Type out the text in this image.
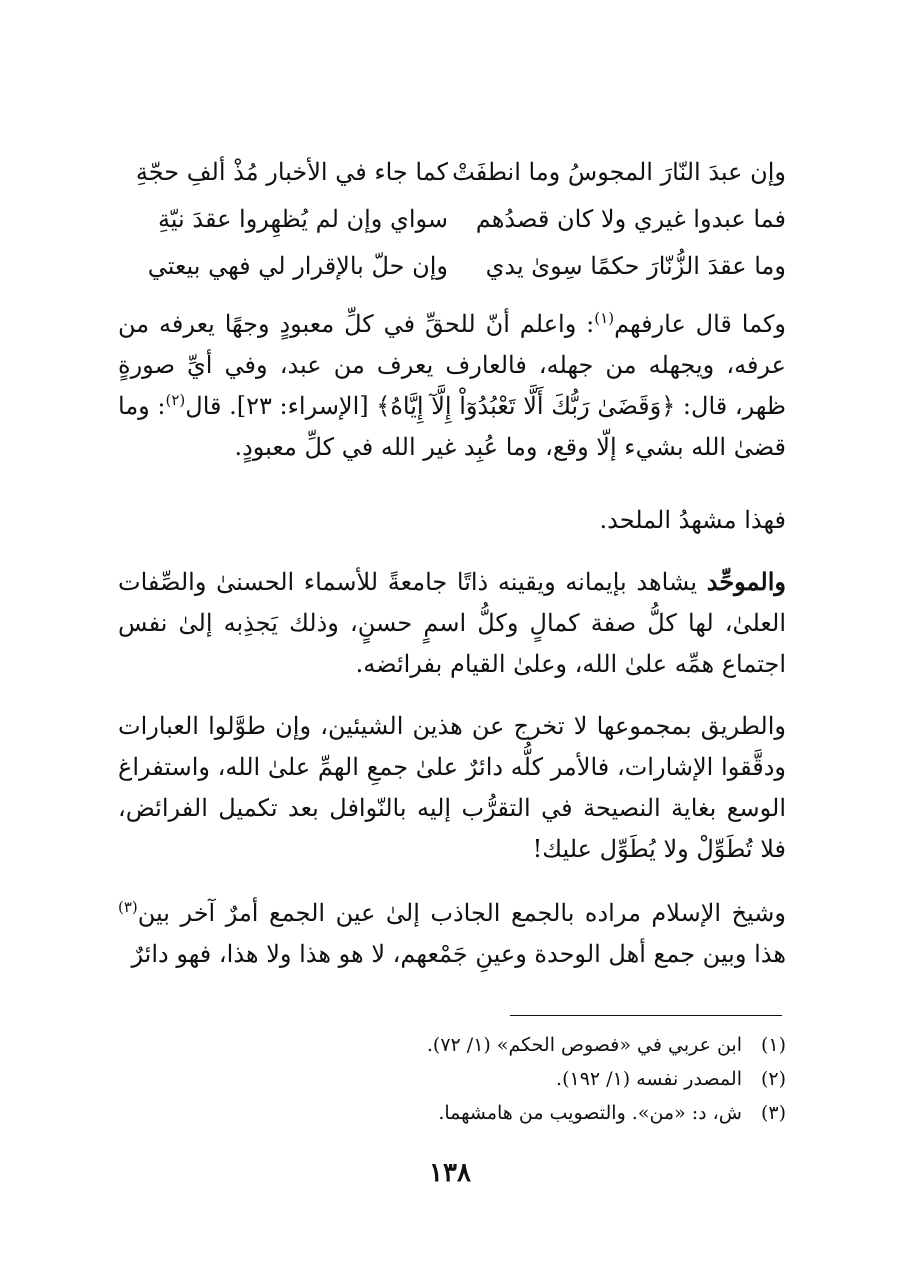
وإن عبدَ النّارَ المجوسُ وما انطفَتْ
كما جاء في الأخبار مُذْ ألفِ حجّةِ
فما عبدوا غيري ولا كان قصدُهم
سواي وإن لم يُظهِروا عقدَ نيّةِ
وما عقدَ الزُّنّارَ حكمًا سِوىٰ يدي
وإن حلّ بالإقرار لي فهي بيعتي

وكما قال عارفهم$^{(١)}$: واعلم أنّ للحقِّ في كلِّ معبودٍ وجهًا يعرفه من عرفه، ويجهله من جهله، فالعارف يعرف من عبد، وفي أيِّ صورةٍ ظهر، قال: ﴿وَقَضَىٰ رَبُّكَ أَلَّا تَعْبُدُوٓاْ إِلَّآ إِيَّاهُ﴾ [الإسراء: ٢٣]. قال$^{(٢)}$: وما قضىٰ الله بشيء إلّا وقع، وما عُبِد غير الله في كلِّ معبودٍ.

فهذا مشهدُ الملحد.

والموحِّد يشاهد بإيمانه ويقينه ذاتًا جامعةً للأسماء الحسنىٰ والصِّفات العلىٰ، لها كلُّ صفة كمالٍ وكلُّ اسمٍ حسنٍ، وذلك يَجذِبه إلىٰ نفس اجتماع همِّه علىٰ الله، وعلىٰ القيام بفرائضه.

والطريق بمجموعها لا تخرج عن هذين الشيئين، وإن طوَّلوا العبارات ودقَّقوا الإشارات، فالأمر كلُّه دائرٌ علىٰ جمعِ الهمِّ علىٰ الله، واستفراغ الوسع بغاية النصيحة في التقرُّب إليه بالنّوافل بعد تكميل الفرائض، فلا تُطَوِّلْ ولا يُطَوِّل عليك!

وشيخ الإسلام مراده بالجمع الجاذب إلىٰ عين الجمع أمرٌ آخر بين$^{(٣)}$ هذا وبين جمع أهل الوحدة وعينِ جَمْعهم، لا هو هذا ولا هذا، فهو دائرٌ

(١)ابن عربي في «فصوص الحكم» (١/ ٧٢).
(٢)المصدر نفسه (١/ ١٩٢).
(٣)ش، د: «من». والتصويب من هامشهما.
١٣٨
